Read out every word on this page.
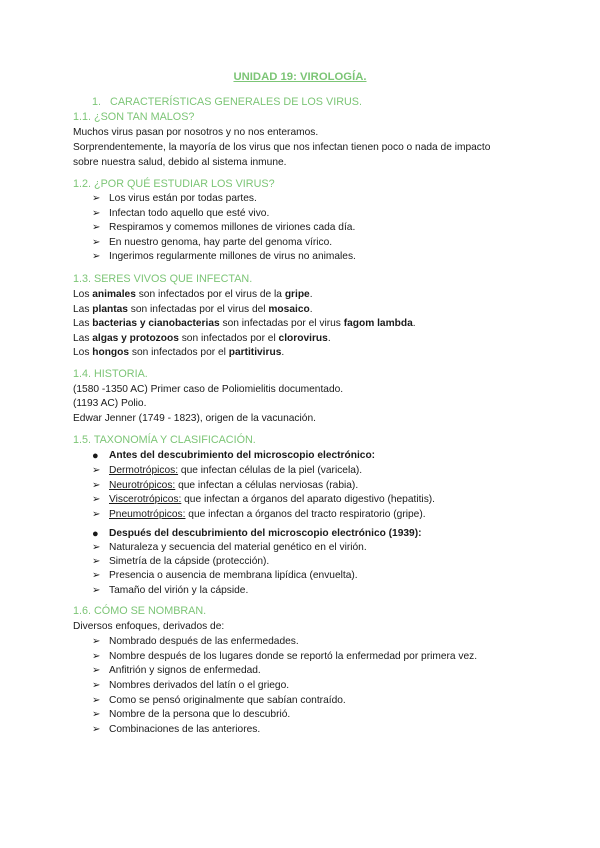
UNIDAD 19: VIROLOGÍA.
1. CARACTERÍSTICAS GENERALES DE LOS VIRUS.
1.1. ¿SON TAN MALOS?
Muchos virus pasan por nosotros y no nos enteramos.
Sorprendentemente, la mayoría de los virus que nos infectan tienen poco o nada de impacto
sobre nuestra salud, debido al sistema inmune.
1.2. ¿POR QUÉ ESTUDIAR LOS VIRUS?
➢ Los virus están por todas partes.
➢ Infectan todo aquello que esté vivo.
➢ Respiramos y comemos millones de viriones cada día.
➢ En nuestro genoma, hay parte del genoma vírico.
➢ Ingerimos regularmente millones de virus no animales.
1.3. SERES VIVOS QUE INFECTAN.
Los animales son infectados por el virus de la gripe.
Las plantas son infectadas por el virus del mosaico.
Las bacterias y cianobacterias son infectadas por el virus fagom lambda.
Las algas y protozoos son infectados por el clorovirus.
Los hongos son infectados por el partitivirus.
1.4. HISTORIA.
(1580 -1350 AC) Primer caso de Poliomielitis documentado.
(1193 AC) Polio.
Edwar Jenner (1749 - 1823), origen de la vacunación.
1.5. TAXONOMÍA Y CLASIFICACIÓN.
● Antes del descubrimiento del microscopio electrónico:
➢ Dermotrópicos: que infectan células de la piel (varicela).
➢ Neurotrópicos: que infectan a células nerviosas (rabia).
➢ Viscerotrópicos: que infectan a órganos del aparato digestivo (hepatitis).
➢ Pneumotrópicos: que infectan a órganos del tracto respiratorio (gripe).
● Después del descubrimiento del microscopio electrónico (1939):
➢ Naturaleza y secuencia del material genético en el virión.
➢ Simetría de la cápside (protección).
➢ Presencia o ausencia de membrana lipídica (envuelta).
➢ Tamaño del virión y la cápside.
1.6. CÓMO SE NOMBRAN.
Diversos enfoques, derivados de:
➢ Nombrado después de las enfermedades.
➢ Nombre después de los lugares donde se reportó la enfermedad por primera vez.
➢ Anfitrión y signos de enfermedad.
➢ Nombres derivados del latín o el griego.
➢ Como se pensó originalmente que sabían contraído.
➢ Nombre de la persona que lo descubrió.
➢ Combinaciones de las anteriores.
